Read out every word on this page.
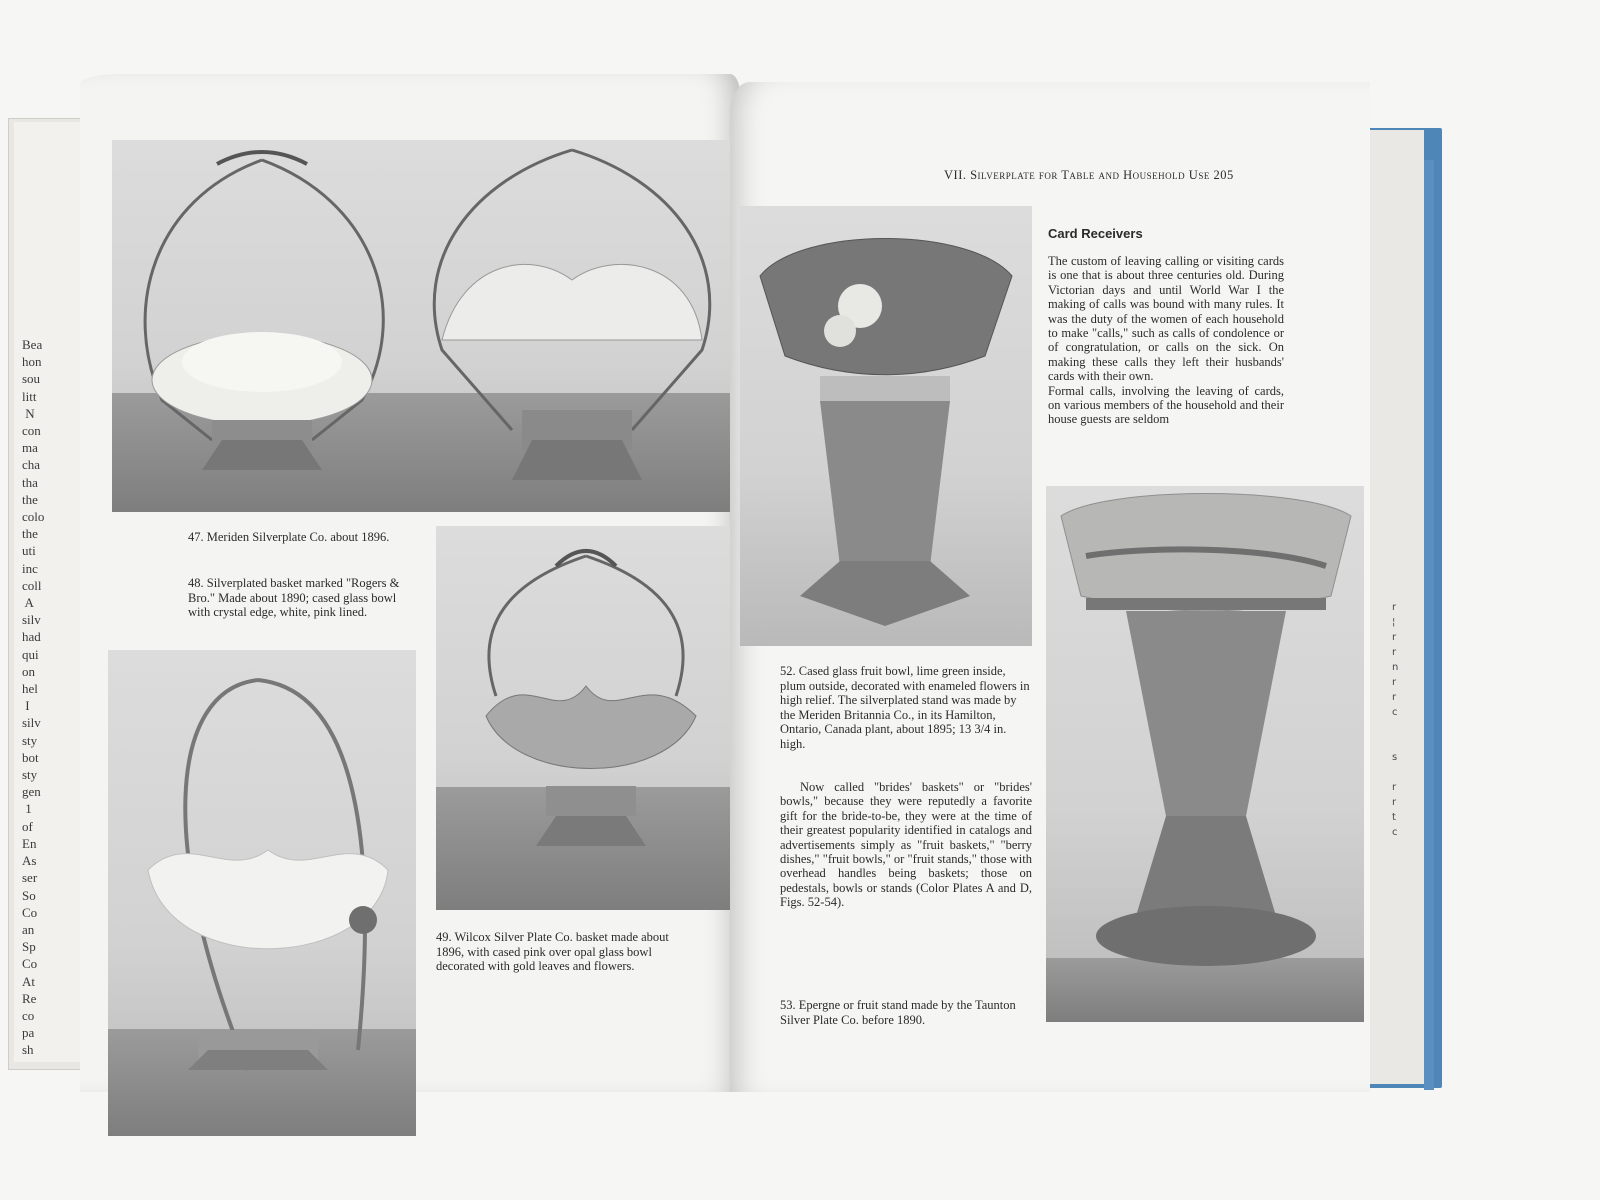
Bea
hon
sou
litt
N
con
ma
cha
tha
the
colo
the
uti
inc
coll
A
silv
had
qui
on
hel
I
silv
sty
bot
sty
gen
1
of
En
As
ser
So
Co
an
Sp
Co
At
Re
co
pa
sh
r
¦
r
r
n
r
r
c

s

r
r
t
c
47. Meriden Silverplate Co. about 1896.
48. Silverplated basket marked "Rogers & Bro." Made about 1890; cased glass bowl with crystal edge, white, pink lined.
49. Wilcox Silver Plate Co. basket made about 1896, with cased pink over opal glass bowl decorated with gold leaves and flowers.
VII. Silverplate for Table and Household Use 205
Card Receivers
The custom of leaving calling or visiting cards is one that is about three centuries old. During Victorian days and until World War I the making of calls was bound with many rules. It was the duty of the women of each household to make "calls," such as calls of condolence or of congratulation, or calls on the sick. On making these calls they left their husbands' cards with their own.
Formal calls, involving the leaving of cards, on various members of the household and their house guests are seldom
52. Cased glass fruit bowl, lime green inside, plum outside, decorated with enameled flowers in high relief. The silverplated stand was made by the Meriden Britannia Co., in its Hamilton, Ontario, Canada plant, about 1895; 13 3/4 in. high.
Now called "brides' baskets" or "brides' bowls," because they were reputedly a favorite gift for the bride-to-be, they were at the time of their greatest popularity identified in catalogs and advertisements simply as "fruit baskets," "berry dishes," "fruit bowls," or "fruit stands," those with overhead handles being baskets; those on pedestals, bowls or stands (Color Plates A and D, Figs. 52-54).
53. Epergne or fruit stand made by the Taunton Silver Plate Co. before 1890.
